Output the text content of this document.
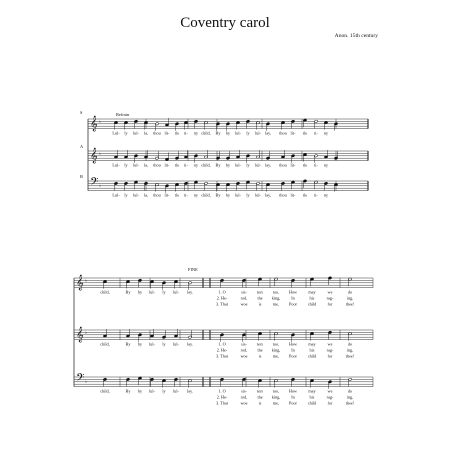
Coventry carol
Anon. 15th century
S
𝄞 ♭
A
𝄞 ♭
B 𝄢 ♭
Refrain
Lul- ly lul- la, thou lit- tle ti- ny child, By by lul- ly lul- lay, thou lit- tle ti- ny
Lul- ly lul- la, thou lit- tle ti- ny child, By by lul- ly lul- lay, thou lit- tle ti- ny
Lul- ly lul- la, thou lit- tle ti- ny child, By by lul- ly lul- lay, thou lit- tle ti- ny
𝄞 ♭
𝄞 ♭
𝄢 ♭
FINE
child,	By by lul- ly lul- lay.	1. O	sis- ters too, How	may	we	do
2. He-	rod, the king,	In	his	rag-	ing,
3. That	woe	is	me, Poor	child	for	thee!
child,	By by lul- ly lul- lay.	1. O	sis- ters too, How	may	we	do
2. He-	rod, the king,	In	his	rag-	ing,
3. That	woe	is	me, Poor	child	for	thee!
child,	By by lul- ly lul- lay.	1. O	sis- ters too, How	may	we	do
2. He-	rod, the king,	In	his	rag-	ing,
3. That	woe	is	me, Poor	child	for	thee!
